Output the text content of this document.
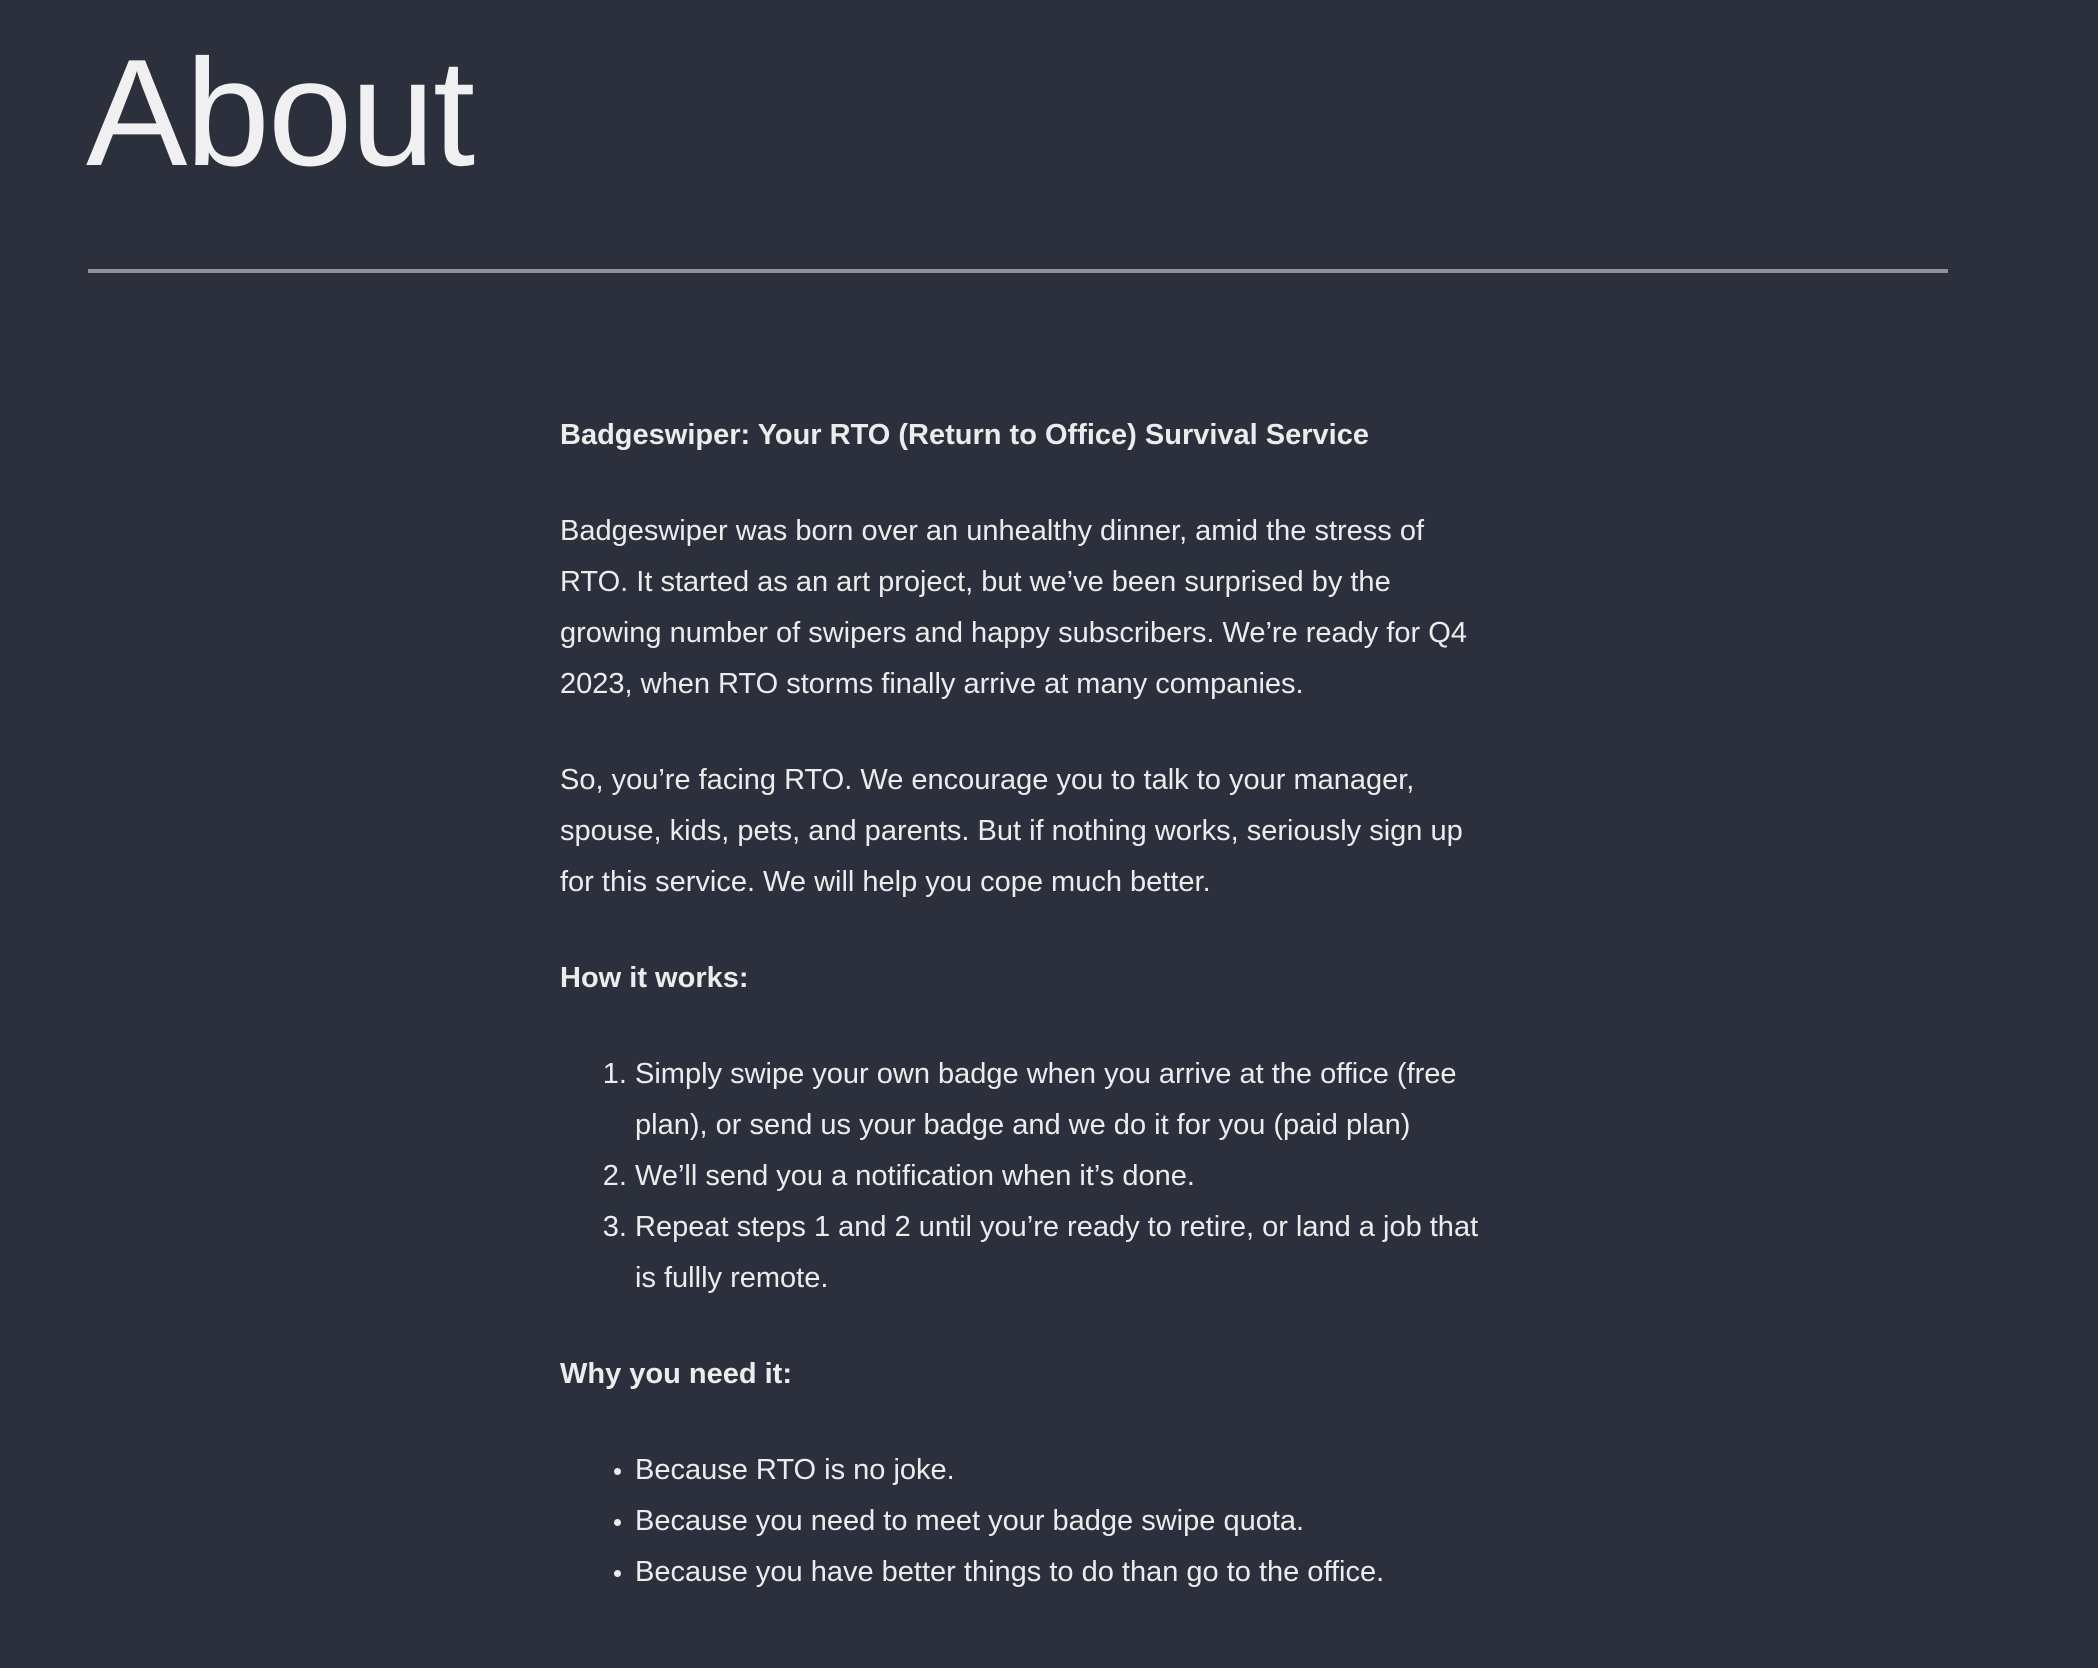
About

Badgeswiper: Your RTO (Return to Office) Survival Service

Badgeswiper was born over an unhealthy dinner, amid the stress of RTO. It started as an art project, but we’ve been surprised by the growing number of swipers and happy subscribers. We’re ready for Q4 2023, when RTO storms finally arrive at many companies.

So, you’re facing RTO. We encourage you to talk to your manager, spouse, kids, pets, and parents. But if nothing works, seriously sign up for this service. We will help you cope much better.

How it works:

1. Simply swipe your own badge when you arrive at the office (free plan), or send us your badge and we do it for you (paid plan)
2. We’ll send you a notification when it’s done.
3. Repeat steps 1 and 2 until you’re ready to retire, or land a job that is fullly remote.

Why you need it:

• Because RTO is no joke.
• Because you need to meet your badge swipe quota.
• Because you have better things to do than go to the office.
